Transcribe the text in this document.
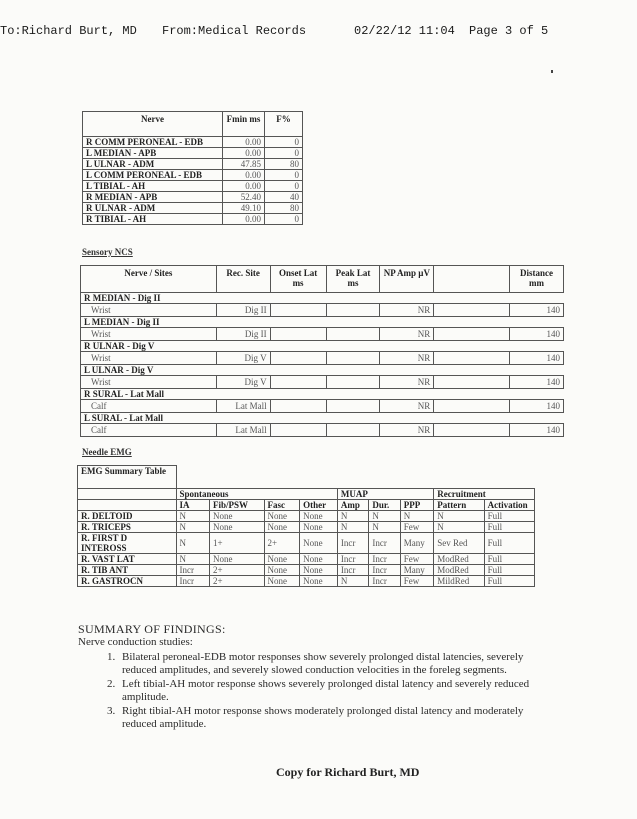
To:Richard Burt, MD From:Medical Records	02/22/12 11:04 Page 3 of 5
Nerve	Fmin ms	F%
R COMM PERONEAL - EDB	0.00	0
L MEDIAN - APB	0.00	0
L ULNAR - ADM	47.85	80
L COMM PERONEAL - EDB	0.00	0
L TIBIAL - AH	0.00	0
R MEDIAN - APB	52.40	40
R ULNAR - ADM	49.10	80
R TIBIAL - AH	0.00	0
Sensory NCS
Nerve / Sites	Rec. Site	Onset Lat ms	Peak Lat ms	NP Amp µV		Distance mm
R MEDIAN - Dig II						
Wrist	Dig II			NR		140
L MEDIAN - Dig II						
Wrist	Dig II			NR		140
R ULNAR - Dig V						
Wrist	Dig V			NR		140
L ULNAR - Dig V						
Wrist	Dig V			NR		140
R SURAL - Lat Mall						
Calf	Lat Mall			NR		140
L SURAL - Lat Mall						
Calf	Lat Mall			NR		140
Needle EMG
EMG Summary Table									
	Spontaneous				MUAP			Recruitment	
	IA	Fib/PSW	Fasc	Other	Amp	Dur.	PPP	Pattern	Activation
R. DELTOID	N	None	None	None	N	N	N	N	Full
R. TRICEPS	N	None	None	None	N	N	Few	N	Full
R. FIRST D INTEROSS	N	1+	2+	None	Incr	Incr	Many	Sev Red	Full
R. VAST LAT	N	None	None	None	Incr	Incr	Few	ModRed	Full
R. TIB ANT	Incr	2+	None	None	Incr	Incr	Many	ModRed	Full
R. GASTROCN	Incr	2+	None	None	N	Incr	Few	MildRed	Full
SUMMARY OF FINDINGS:
Nerve conduction studies:
1. Bilateral peroneal-EDB motor responses show severely prolonged distal latencies, severely reduced amplitudes, and severely slowed conduction velocities in the foreleg segments.
2. Left tibial-AH motor response shows severely prolonged distal latency and severely reduced amplitude.
3. Right tibial-AH motor response shows moderately prolonged distal latency and moderately reduced amplitude.
Copy for Richard Burt, MD
